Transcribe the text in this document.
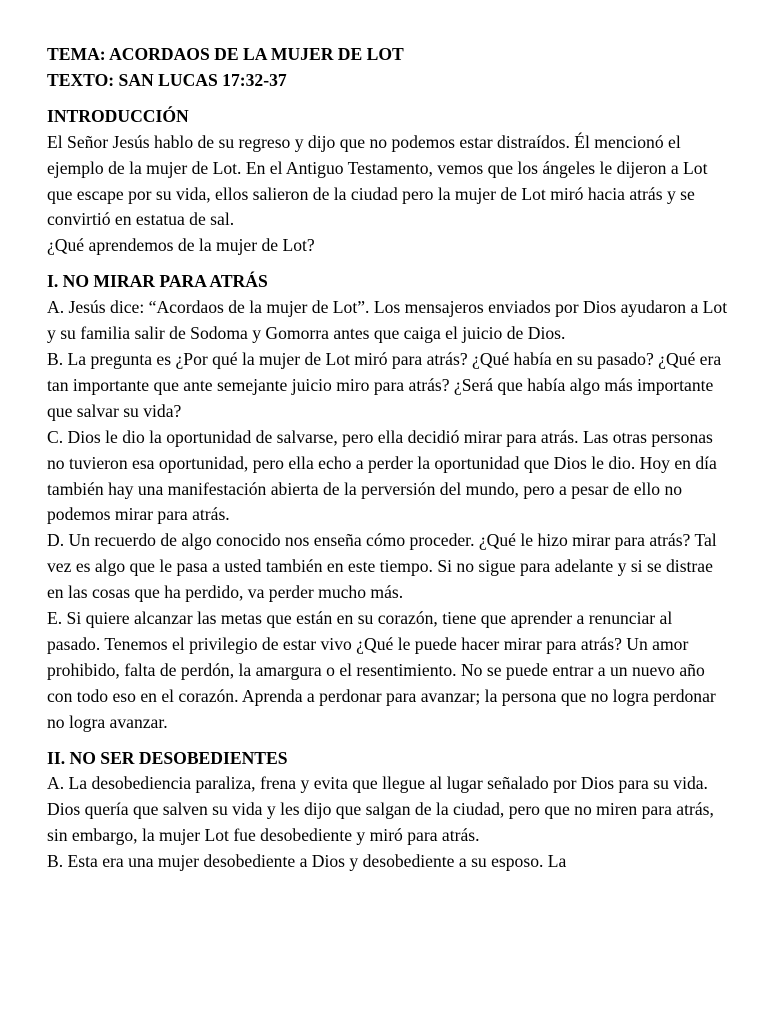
TEMA: ACORDAOS DE LA MUJER DE LOT

TEXTO: SAN LUCAS 17:32-37

INTRODUCCIÓN

El Señor Jesús hablo de su regreso y dijo que no podemos estar distraídos. Él mencionó el ejemplo de la mujer de Lot. En el Antiguo Testamento, vemos que los ángeles le dijeron a Lot que escape por su vida, ellos salieron de la ciudad pero la mujer de Lot miró hacia atrás y se convirtió en estatua de sal.

¿Qué aprendemos de la mujer de Lot?

I. NO MIRAR PARA ATRÁS

A. Jesús dice: “Acordaos de la mujer de Lot”. Los mensajeros enviados por Dios ayudaron a Lot y su familia salir de Sodoma y Gomorra antes que caiga el juicio de Dios.

B. La pregunta es ¿Por qué la mujer de Lot miró para atrás? ¿Qué había en su pasado? ¿Qué era tan importante que ante semejante juicio miro para atrás? ¿Será que había algo más importante que salvar su vida?

C. Dios le dio la oportunidad de salvarse, pero ella decidió mirar para atrás. Las otras personas no tuvieron esa oportunidad, pero ella echo a perder la oportunidad que Dios le dio. Hoy en día también hay una manifestación abierta de la perversión del mundo, pero a pesar de ello no podemos mirar para atrás.

D. Un recuerdo de algo conocido nos enseña cómo proceder. ¿Qué le hizo mirar para atrás? Tal vez es algo que le pasa a usted también en este tiempo. Si no sigue para adelante y si se distrae en las cosas que ha perdido, va perder mucho más.

E. Si quiere alcanzar las metas que están en su corazón, tiene que aprender a renunciar al pasado. Tenemos el privilegio de estar vivo ¿Qué le puede hacer mirar para atrás? Un amor prohibido, falta de perdón, la amargura o el resentimiento. No se puede entrar a un nuevo año con todo eso en el corazón. Aprenda a perdonar para avanzar; la persona que no logra perdonar no logra avanzar.

II. NO SER DESOBEDIENTES

A. La desobediencia paraliza, frena y evita que llegue al lugar señalado por Dios para su vida. Dios quería que salven su vida y les dijo que salgan de la ciudad, pero que no miren para atrás, sin embargo, la mujer Lot fue desobediente y miró para atrás.

B. Esta era una mujer desobediente a Dios y desobediente a su esposo. La
